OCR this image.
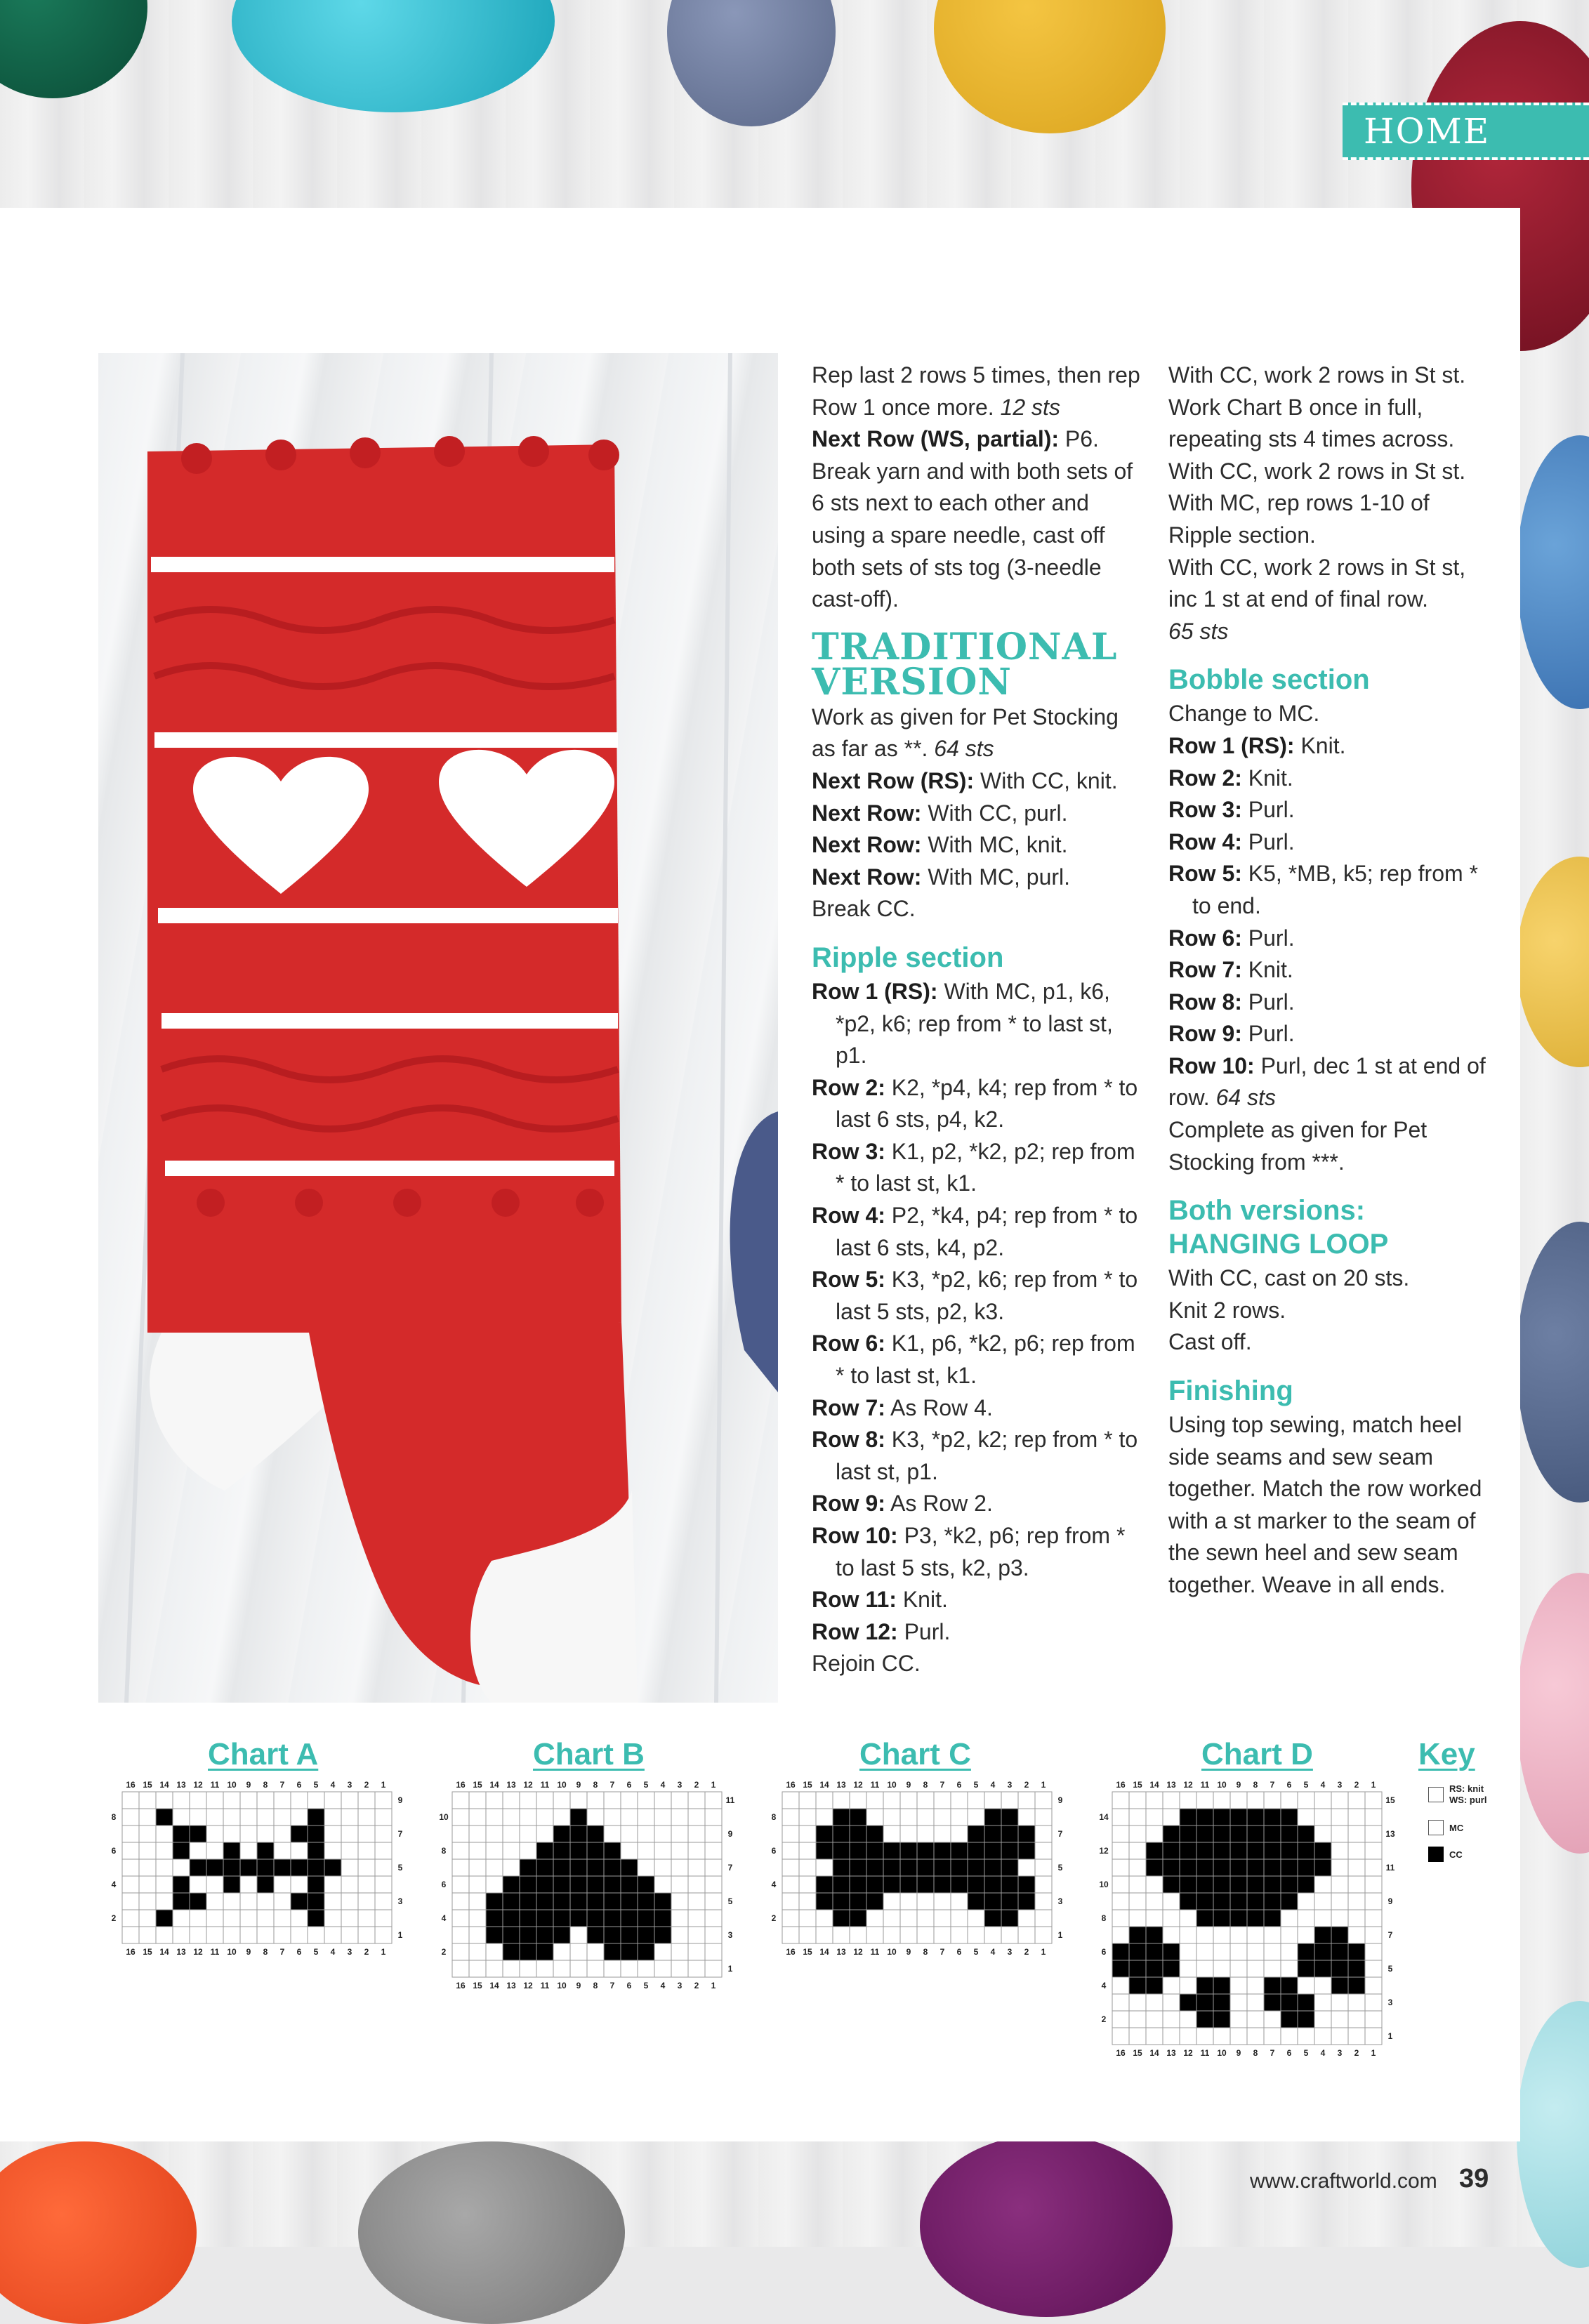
HOME

Rep last 2 rows 5 times, then rep Row 1 once more. 12 sts

Next Row (WS, partial): P6. Break yarn and with both sets of 6 sts next to each other and using a spare needle, cast off both sets of sts tog (3-needle cast-off).

TRADITIONAL VERSION

Work as given for Pet Stocking as far as **. 64 sts

Next Row (RS): With CC, knit.

Next Row: With CC, purl.

Next Row: With MC, knit.

Next Row: With MC, purl.

Break CC.

Ripple section

Row 1 (RS): With MC, p1, k6, *p2, k6; rep from * to last st, p1.

Row 2: K2, *p4, k4; rep from * to last 6 sts, p4, k2.

Row 3: K1, p2, *k2, p2; rep from * to last st, k1.

Row 4: P2, *k4, p4; rep from * to last 6 sts, k4, p2.

Row 5: K3, *p2, k6; rep from * to last 5 sts, p2, k3.

Row 6: K1, p6, *k2, p6; rep from * to last st, k1.

Row 7: As Row 4.

Row 8: K3, *p2, k2; rep from * to last st, p1.

Row 9: As Row 2.

Row 10: P3, *k2, p6; rep from * to last 5 sts, k2, p3.

Row 11: Knit.

Row 12: Purl.

Rejoin CC.

With CC, work 2 rows in St st.

Work Chart B once in full, repeating sts 4 times across.

With CC, work 2 rows in St st.

With MC, rep rows 1-10 of Ripple section.

With CC, work 2 rows in St st, inc 1 st at end of final row.

65 sts

Bobble section

Change to MC.

Row 1 (RS): Knit.

Row 2: Knit.

Row 3: Purl.

Row 4: Purl.

Row 5: K5, *MB, k5; rep from * to end.

Row 6: Purl.

Row 7: Knit.

Row 8: Purl.

Row 9: Purl.

Row 10: Purl, dec 1 st at end of row. 64 sts

Complete as given for Pet Stocking from ***.

Both versions:
HANGING LOOP

With CC, cast on 20 sts.

Knit 2 rows.

Cast off.

Finishing

Using top sewing, match heel side seams and sew seam together. Match the row worked with a st marker to the seam of the sewn heel and sew seam together. Weave in all ends.

Chart A	Chart B	Chart C	Chart D	Key
16
16
15
15
14
14
13
13
12
12
11
11
10
10
9
9
8
8
7
7
6
6
5
5
4
4
3
3
2
2
1
1
9
8
7
6
5
4
3
2
1
16
16
15
15
14
14
13
13
12
12
11
11
10
10
9
9
8
8
7
7
6
6
5
5
4
4
3
3
2
2
1
1
11
10
9
8
7
6
5
4
3
2
1
16
16
15
15
14
14
13
13
12
12
11
11
10
10
9
9
8
8
7
7
6
6
5
5
4
4
3
3
2
2
1
1
9
8
7
6
5
4
3
2
1
16
16
15
15
14
14
13
13
12
12
11
11
10
10
9
9
8
8
7
7
6
6
5
5
4
4
3
3
2
2
1
1
15
14
13
12
11
10
9
8
7
6
5
4
3
2
1
RS: knit
WS: purl
MC
CC
www.craftworld.com 39
